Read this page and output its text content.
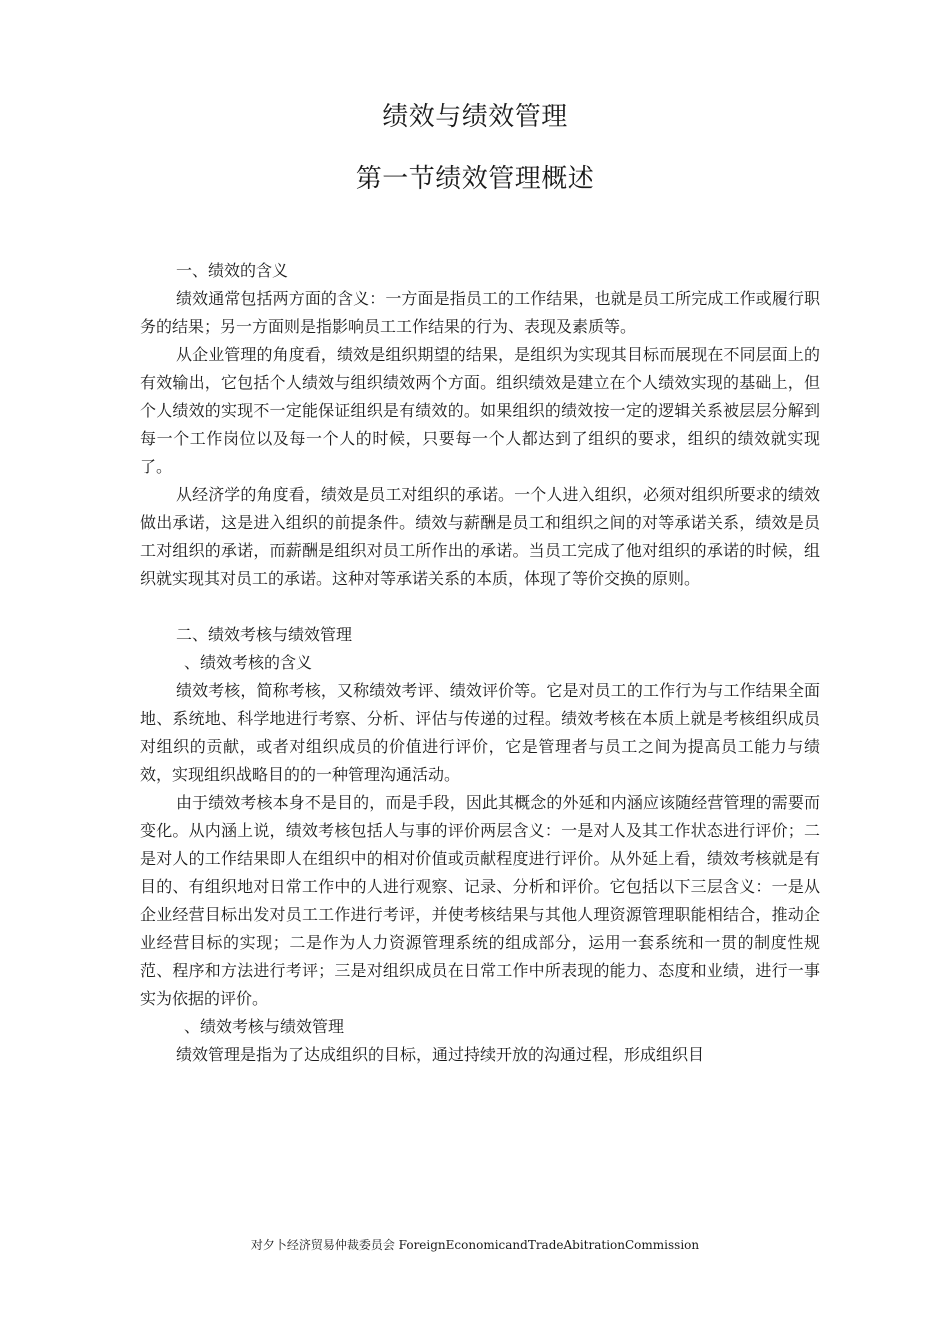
绩效与绩效管理
第一节绩效管理概述

一、绩效的含义

绩效通常包括两方面的含义：一方面是指员工的工作结果，也就是员工所完成工作或履行职务的结果；另一方面则是指影响员工工作结果的行为、表现及素质等。

从企业管理的角度看，绩效是组织期望的结果，是组织为实现其目标而展现在不同层面上的有效输出，它包括个人绩效与组织绩效两个方面。组织绩效是建立在个人绩效实现的基础上，但个人绩效的实现不一定能保证组织是有绩效的。如果组织的绩效按一定的逻辑关系被层层分解到每一个工作岗位以及每一个人的时候，只要每一个人都达到了组织的要求，组织的绩效就实现了。

从经济学的角度看，绩效是员工对组织的承诺。一个人进入组织，必须对组织所要求的绩效做出承诺，这是进入组织的前提条件。绩效与薪酬是员工和组织之间的对等承诺关系，绩效是员工对组织的承诺，而薪酬是组织对员工所作出的承诺。当员工完成了他对组织的承诺的时候，组织就实现其对员工的承诺。这种对等承诺关系的本质，体现了等价交换的原则。

二、绩效考核与绩效管理

、绩效考核的含义

绩效考核，简称考核，又称绩效考评、绩效评价等。它是对员工的工作行为与工作结果全面地、系统地、科学地进行考察、分析、评估与传递的过程。绩效考核在本质上就是考核组织成员对组织的贡献，或者对组织成员的价值进行评价，它是管理者与员工之间为提高员工能力与绩效，实现组织战略目的的一种管理沟通活动。

由于绩效考核本身不是目的，而是手段，因此其概念的外延和内涵应该随经营管理的需要而变化。从内涵上说，绩效考核包括人与事的评价两层含义：一是对人及其工作状态进行评价；二是对人的工作结果即人在组织中的相对价值或贡献程度进行评价。从外延上看，绩效考核就是有目的、有组织地对日常工作中的人进行观察、记录、分析和评价。它包括以下三层含义：一是从企业经营目标出发对员工工作进行考评，并使考核结果与其他人理资源管理职能相结合，推动企业经营目标的实现；二是作为人力资源管理系统的组成部分，运用一套系统和一贯的制度性规范、程序和方法进行考评；三是对组织成员在日常工作中所表现的能力、态度和业绩，进行一事实为依据的评价。

、绩效考核与绩效管理

绩效管理是指为了达成组织的目标，通过持续开放的沟通过程，形成组织目

对夕卜经济贸易仲裁委员会 ForeignEconomicandTradeAbitrationCommission
